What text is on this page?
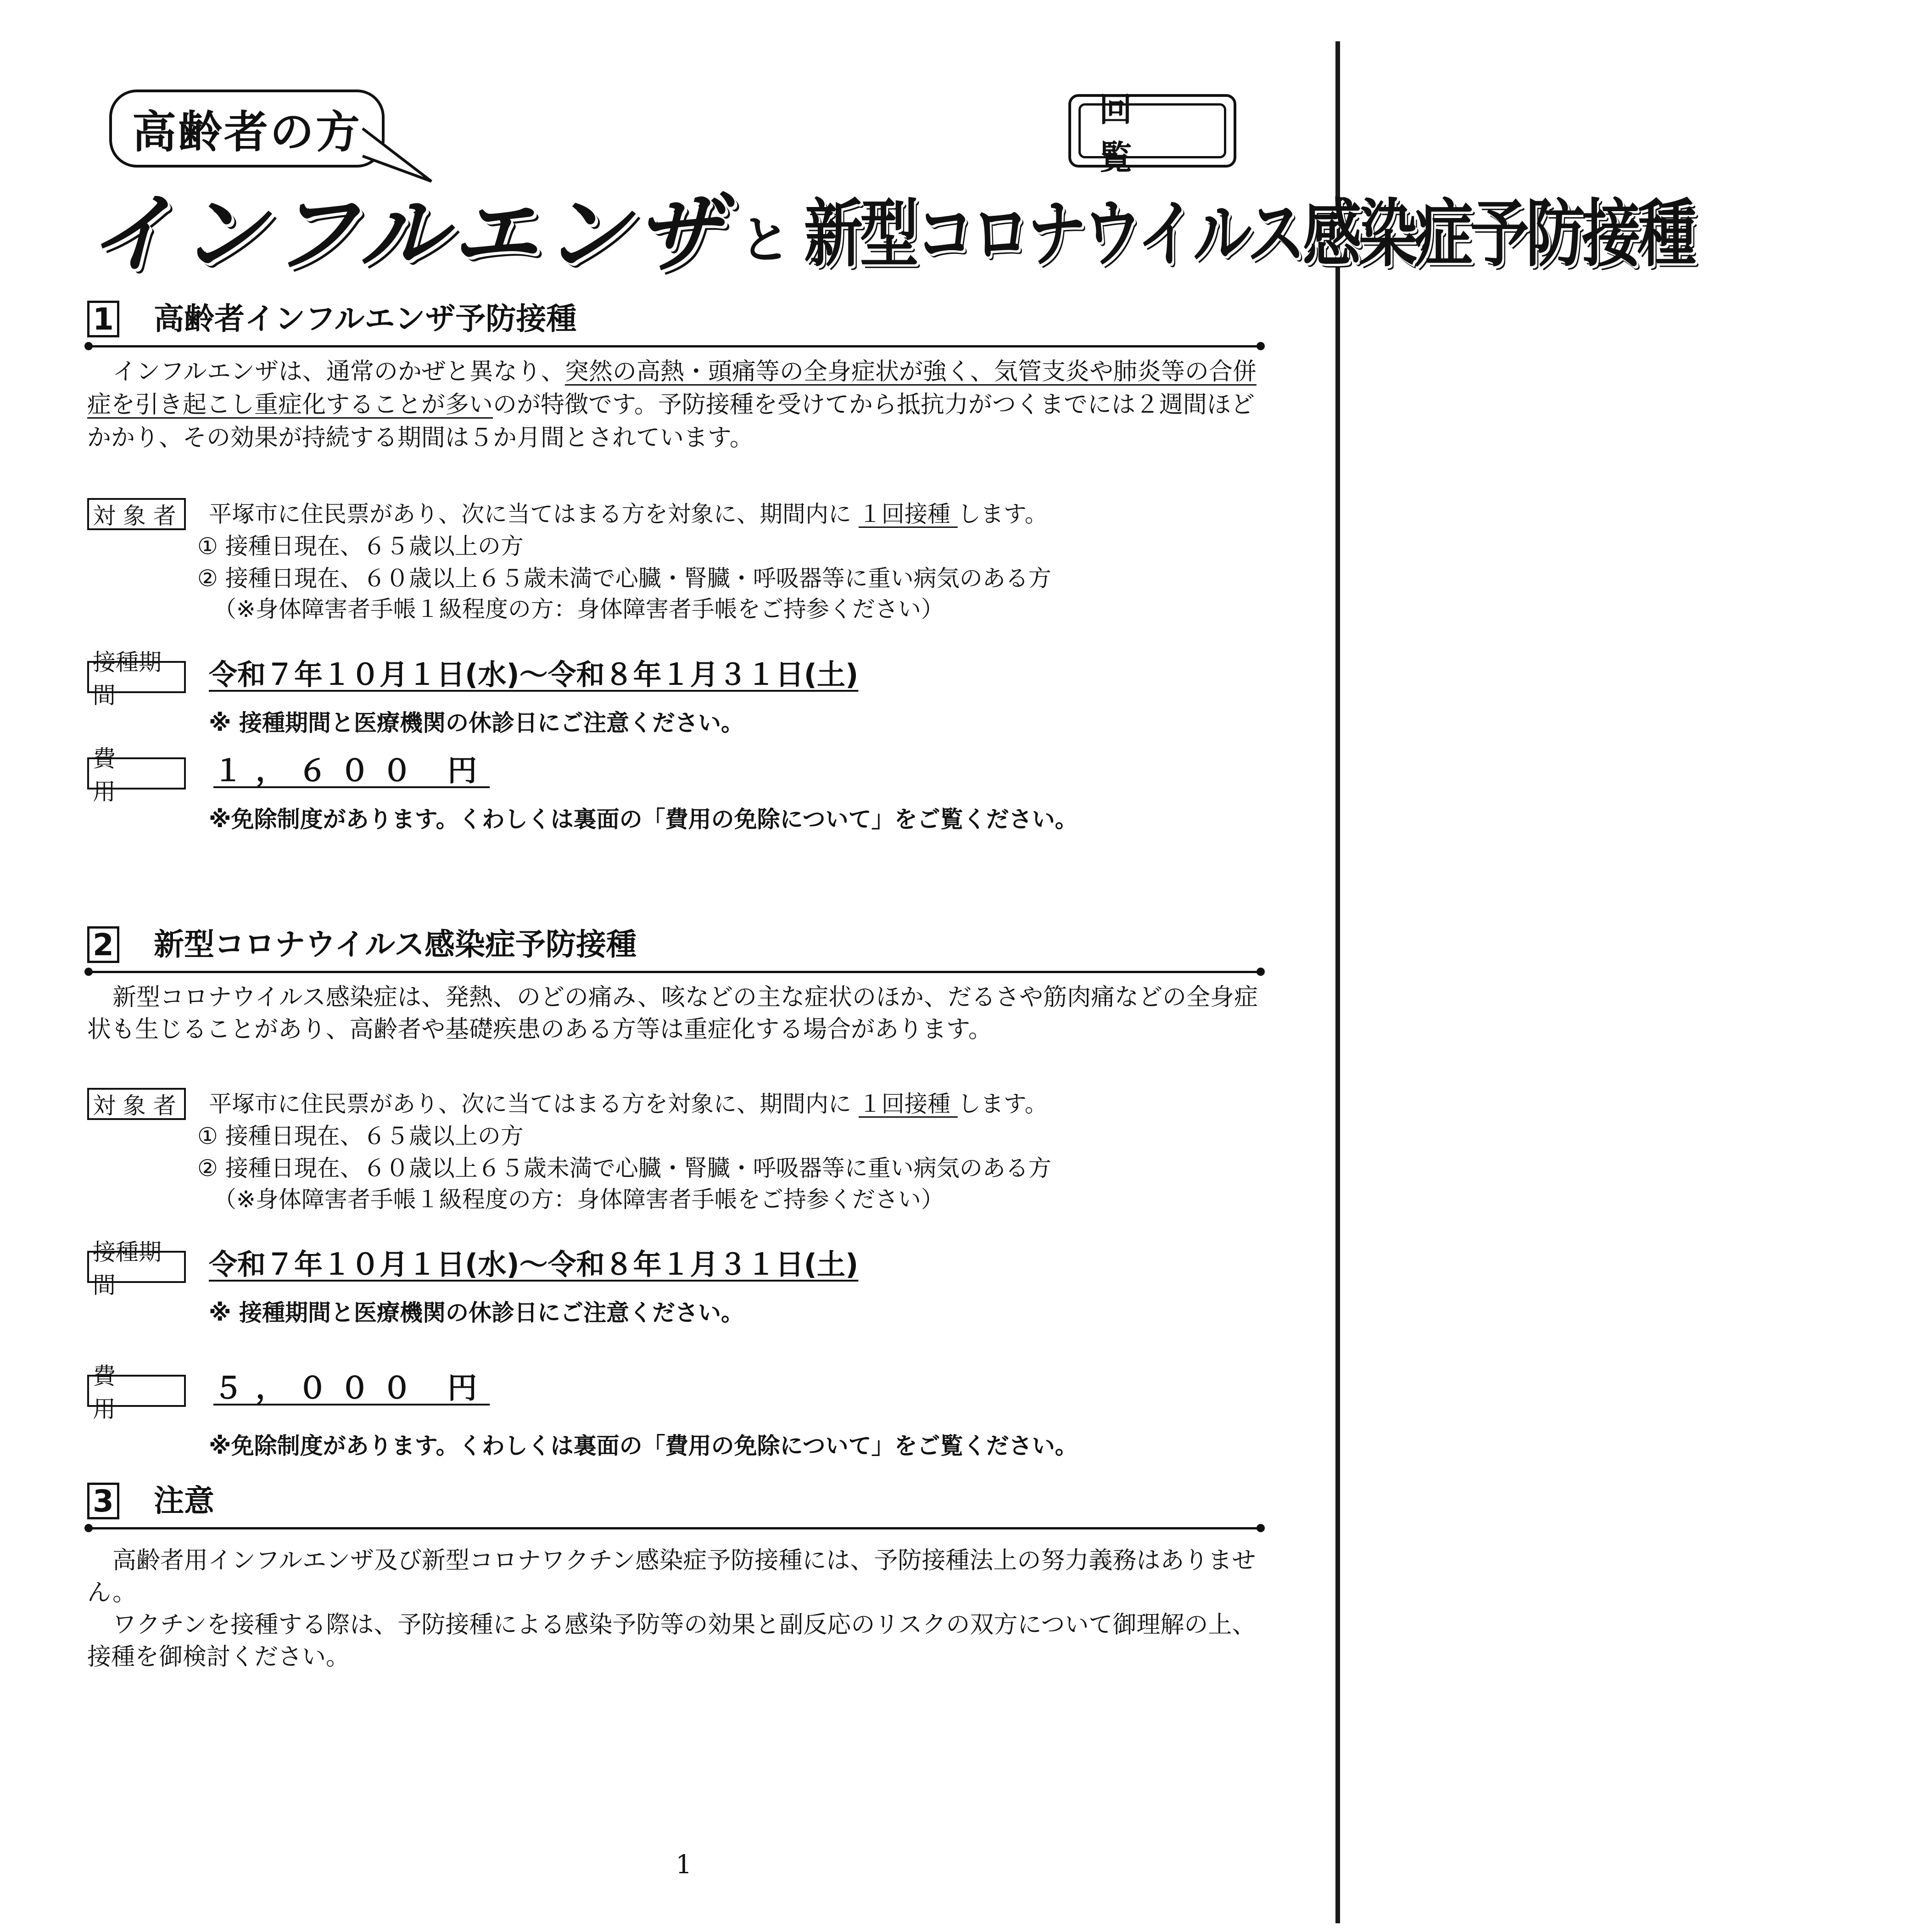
高齢者の方	回 覧
インフルエンザ と 新型コロナウイルス感染症予防接種
1 高齢者インフルエンザ予防接種
インフルエンザは、通常のかぜと異なり、突然の高熱・頭痛等の全身症状が強く、気管支炎や肺炎等の合併
症を引き起こし重症化することが多いのが特徴です。予防接種を受けてから抵抗力がつくまでには２週間ほど
かかり、その効果が持続する期間は５か月間とされています。
対 象 者	平塚市に住民票があり、次に当てはまる方を対象に、期間内に １回接種 します。
① 接種日現在、６５歳以上の方
② 接種日現在、６０歳以上６５歳未満で心臓・腎臓・呼吸器等に重い病気のある方
（※身体障害者手帳１級程度の方：身体障害者手帳をご持参ください）
接種期間
令和７年１０月１日(水)～令和８年１月３１日(土)
※ 接種期間と医療機関の休診日にご注意ください。
費　　用
１，６００ 円
※免除制度があります。くわしくは裏面の「費用の免除について」をご覧ください。
2 新型コロナウイルス感染症予防接種
新型コロナウイルス感染症は、発熱、のどの痛み、咳などの主な症状のほか、だるさや筋肉痛などの全身症
状も生じることがあり、高齢者や基礎疾患のある方等は重症化する場合があります。
対 象 者	平塚市に住民票があり、次に当てはまる方を対象に、期間内に １回接種 します。
① 接種日現在、６５歳以上の方
② 接種日現在、６０歳以上６５歳未満で心臓・腎臓・呼吸器等に重い病気のある方
（※身体障害者手帳１級程度の方：身体障害者手帳をご持参ください）
接種期間
令和７年１０月１日(水)～令和８年１月３１日(土)
※ 接種期間と医療機関の休診日にご注意ください。
費　　用
５，０００ 円
※免除制度があります。くわしくは裏面の「費用の免除について」をご覧ください。
3 注意
高齢者用インフルエンザ及び新型コロナワクチン感染症予防接種には、予防接種法上の努力義務はありませ
ん。
ワクチンを接種する際は、予防接種による感染予防等の効果と副反応のリスクの双方について御理解の上、
接種を御検討ください。
1
